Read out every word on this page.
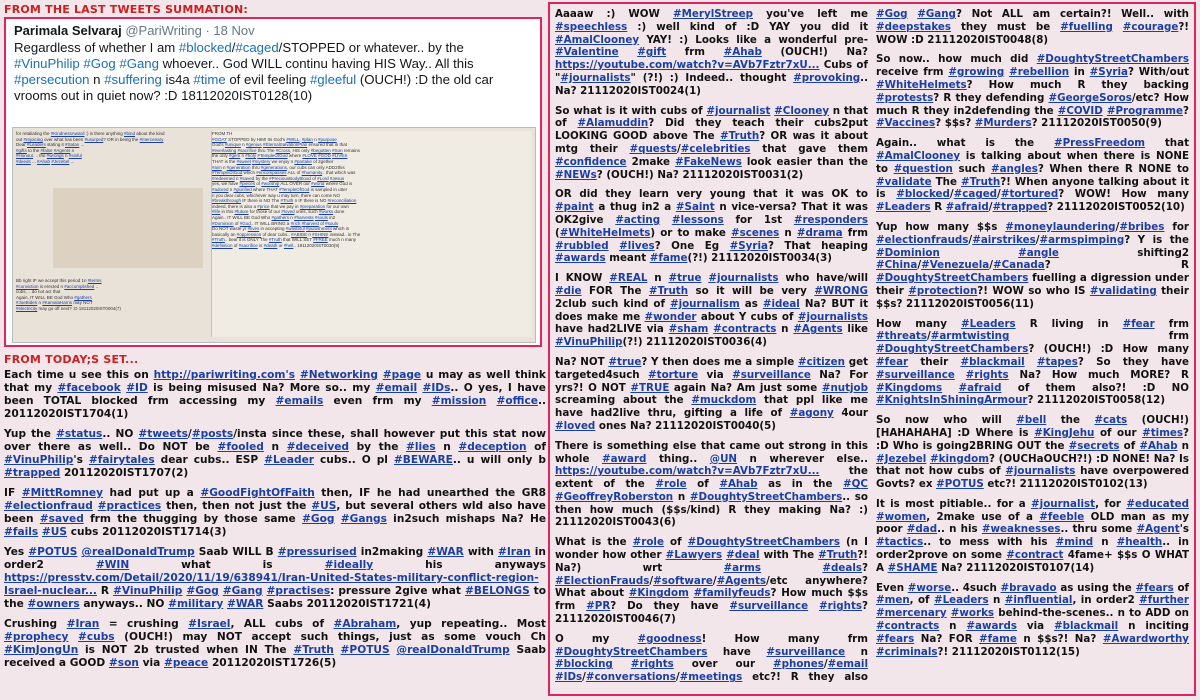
FROM THE LAST TWEETS SUMMATION:
Parimala Selvaraj @PariWriting · 18 Nov
Regardless of whether I am #blocked/#caged/STOPPED or whatever.. by the #VinuPhilip #Gog #Gang whoever.. God WILL continu having HIS Way.. All this #persecution n #suffering is4a #time of evil feeling #gleeful (OUCH!) :D the old car vrooms out in quiet now? :D 18112020IST0128(10)
for retaliating the #KindnessAward :) is there anything #bind about the kind
out #rejoicing over what has been #usurped? OR in being the #mercenary
Dear #Leaders stating it #Satan ...
#gifts to the #false #Agents n
#Honour. .. the #wrongs n #sinful
#deeds ... #Ahab #Jezebel ...
FROM TH
#GOAT STOPPED by HIM! Its God's #WILL, #plan n #purpose
God's #unique n #genius #EternalSalvationPlan ensured that in that
#everlasting #sacrifice thru The #Cross, HIS only #begotten #Son remains
the only #gem n #holy #TempleOfGod where #LOVE #GOD #LIVES
THAT is the #sweet #mystery we enjoy n #partake of 2gether
#aim n #generation thru #generations, our cubs can only ADD2this
#TempleOfGod which #encompasses ALL of #humanity.. that which was
#redeemed n #saved by the #PreciousBodyBlood of #Lord #Jesus
yes, we have #pieces of #worship ALL OVER our #world where God is
#adored n #glorified where THAT #TempleOfGod is sampled in utter
n you dear cubs, whichever way u may turn, there can come NO
#breakthrough IF there is NO The #Truth n IF there is NO #reconciliation
indeed, there is also a #price that we pay in #preparation for our own
#life in this #future for those of our #loved ones, such #works done
Again.. IT WILL BE God Who #gathers n #harvests #souls in2
#Dominion of #God.. IT WILL BRING a #rich #harvest of #souls
Do NOT waste yr #lives in accepting #wasteful #punishment which is
basically an #oppression of dear cubs.. #ABIDE n #SHINE instead.. in The
#Truth.. bear it is ONLY The #Truth that WILL SET #FREE much n many
#definition of #sacrifice is #death or #hell.. 18112020IST0030(9)
Bb right IF we accept this period 1n #terms
#conviction is erected n #accomplished ..
cubs, .. do not act that
Again, IT WILL BE God Who #gathers
#JoeBiden n #KamalaHarris may NOT
#electricity may go off next? :D 18112020IST0004(7)
FROM TODAY;S SET...

Each time u see this on http://pariwriting.com's #Networking #page u may as well think that my #facebook #ID is being misused Na? More so.. my #email #IDs.. O yes, I have been TOTAL blocked frm accessing my #emails even frm my #mission #office.. 20112020IST1704(1)

Yup the #status.. NO #tweets/#posts/insta since these, shall however put this stat now over there as well.. Do NOT be #fooled n #deceived by the #lies n #deception of #VinuPhilip's #fairytales dear cubs.. ESP #Leader cubs.. O pl #BEWARE.. u will only b #trapped 20112020IST1707(2)

IF #MittRomney had put up a #GoodFightOfFaith then, IF he had unearthed the GR8 #electionfraud #practices then, then not just the #US, but several others wld also have been #saved frm the thugging by those same #Gog #Gangs in2such mishaps Na? He #fails #US cubs 20112020IST1714(3)

Yes #POTUS @realDonaldTrump Saab WILL B #pressurised in2making #WAR with #Iran in order2 #WIN what is #ideally his anyways https://presstv.com/Detail/2020/11/19/638941/Iran-United-States-military-conflict-region-Israel-nuclear... R #VinuPhilip #Gog #Gang #practises: pressure 2give what #BELONGS to the #owners anyways.. NO #military #WAR Saabs 20112020IST1721(4)

Crushing #Iran = crushing #Israel, ALL cubs of #Abraham, yup repeating.. Most #prophecy #cubs (OUCH!) may NOT accept such things, just as some vouch Ch #KimJongUn is NOT 2b trusted when IN The #Truth #POTUS @realDonaldTrump Saab received a GOOD #son via #peace 20112020IST1726(5)

Aaaaw :) WOW #MerylStreep you've left me #speechless :) well kind of :D YAY you did it #AmalClooney YAY! :) Looks like a wonderful pre-#Valentine #gift frm #Ahab (OUCH!) Na? https://youtube.com/watch?v=AVb7Fztr7xU... Cubs of "#journalists" (?!) :) Indeed.. thought #provoking.. Na? 21112020IST0024(1)

So what is it with cubs of #journalist #Clooney n that of #Alamuddin? Did they teach their cubs2put LOOKING GOOD above The #Truth? OR was it about mtg their #quests/#celebrities that gave them #confidence 2make #FakeNews look easier than the #NEWs? (OUCH!) Na? 21112020IST0031(2)

OR did they learn very young that it was OK to #paint a thug in2 a #Saint n vice-versa? That it was OK2give #acting #lessons for 1st #responders (#WhiteHelmets) or to make #scenes n #drama frm #rubbled #lives? One Eg #Syria? That heaping #awards meant #fame(?!) 21112020IST0034(3)

I KNOW #REAL n #true #journalists who have/will #die FOR The #Truth so it will be very #WRONG 2club such kind of #journalism as #ideal Na? BUT it does make me #wonder about Y cubs of #journalists have had2LIVE via #sham #contracts n #Agents like #VinuPhilip(?!) 21112020IST0036(4)

Na? NOT #true? Y then does me a simple #citizen get targeted4such #torture via #surveillance Na? For yrs?! O NOT #TRUE again Na? Am just some #nutjob screaming about the #muckdom that ppl like me have had2live thru, gifting a life of #agony 4our #loved ones Na? 21112020IST0040(5)

There is something else that came out strong in this whole #award thing.. @UN n wherever else.. https://youtube.com/watch?v=AVb7Fztr7xU... the extent of the #role of #Ahab as in the #QC #GeoffreyRoberston n #DoughtyStreetChambers.. so then how much ($$s/kind) R they making Na? :) 21112020IST0043(6)

What is the #role of #DoughtyStreetChambers (n I wonder how other #Lawyers #deal with The #Truth?! Na?) wrt #arms	#deals? #ElectionFrauds/#software/#Agents/etc anywhere? What about #Kingdom #familyfeuds? How much $$s frm #PR? Do they have #surveillance #rights? 21112020IST0046(7)

O my #goodness! How many frm #DoughtyStreetChambers have #surveillance n #blocking #rights over our #phones/#email #IDs/#conversations/#meetings etc?! R they also #Gog #Gang? Not ALL am certain?! Well.. with #deepstakes they must be #fuelling #courage?! WOW :D 21112020IST0048(8)

So now.. how much did #DoughtyStreetChambers receive frm #growing #rebellion in #Syria? With/out #WhiteHelmets? How much R they backing #protests? R they defending #GeorgeSoros/etc? How much R they in2defending the #COVID #Programme? #Vaccines? $$s? #Murders? 21112020IST0050(9)

Again.. what is the #PressFreedom that #AmalClooney is talking about when there is NONE to #question such #angles? When there R NONE to #validate The #Truth?! When anyone talking about it is #blocked/#caged/#tortured? WOW! How many #Leaders R #afraid/#trapped? 21112020IST0052(10)

Yup how many $$s #moneylaundering/#bribes for #electionfrauds/#airstrikes/#armspimping? Y is the #Dominion	#angle shifting2 #China/#Venezuela/#Canada? R #DoughtyStreetChambers fuelling a digression under their #protection?! WOW so who IS #validating their $$s? 21112020IST0056(11)

How many #Leaders R living in #fear frm #threats/#armtwisting frm #DoughtyStreetChambers? (OUCH!) :D How many #fear their #blackmail #tapes? So they have #surveillance #rights Na? How much MORE? R #Kingdoms #afraid of them also?! :D NO #KnightsInShiningArmour? 21112020IST0058(12)

So now who will #bell the #cats (OUCH!) [HAHAHAHA] :D Where is #KingJehu of our #times? :D Who is going2BRING OUT the #secrets of #Ahab n #Jezebel #kingdom? (OUCHaOUCH?!) :D NONE! Na? Is that not how cubs of #journalists have overpowered Govts? ex #POTUS etc?! 21112020IST0102(13)

It is most pitiable.. for a #journalist, for #educated #women, 2make use of a #feeble OLD man as my poor #dad.. n his #weaknesses.. thru some #Agent's #tactics.. to mess with his #mind n #health.. in order2prove on some #contract 4fame+ $$s O WHAT A #SHAME Na? 21112020IST0107(14)

Even #worse.. 4such #bravado as using the #fears of #men, of #Leaders n #influential, in order2 #further #mercenary #works behind-the-scenes.. n to ADD on #contracts n #awards via #blackmail n inciting #fears Na? FOR #fame n $$s?! Na? #Awardworthy #criminals?! 21112020IST0112(15)
